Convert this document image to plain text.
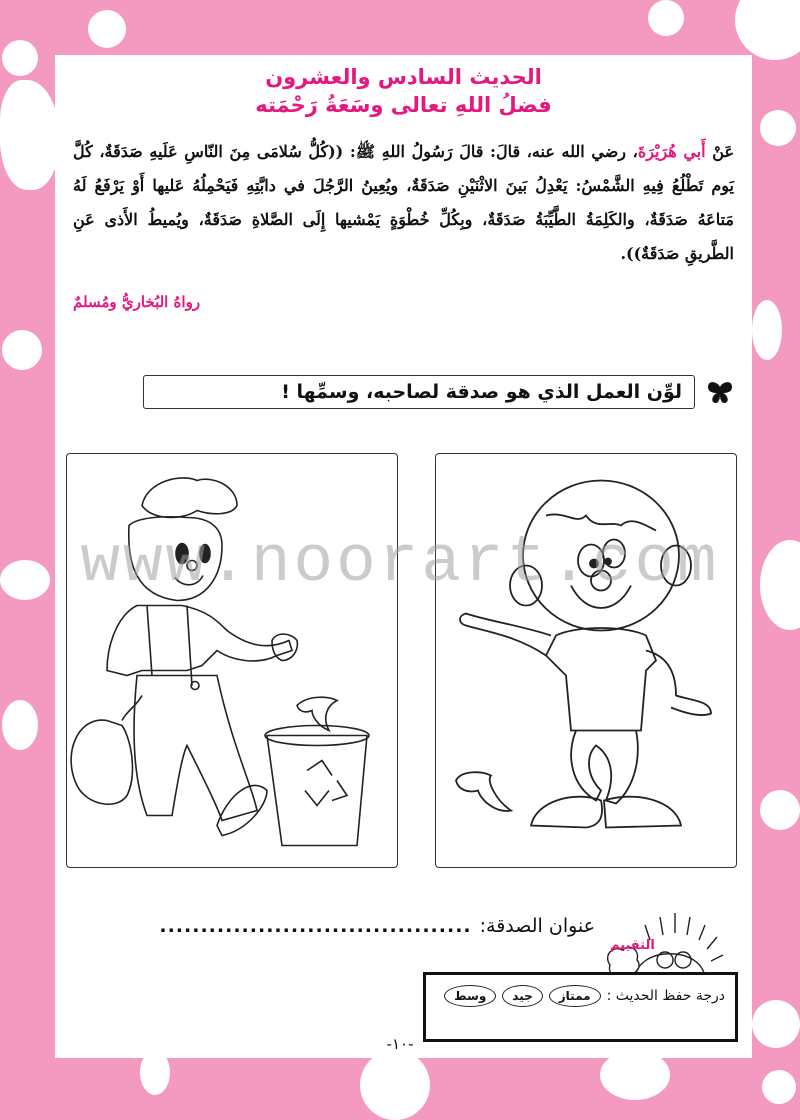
الحديث السادس والعشرون
فضلُ اللهِ تعالى وسَعَةُ رَحْمَته
عَنْ أَبي هُرَيْرَةَ، رضي الله عنه، قالَ: قالَ رَسُولُ اللهِ ﷺ: ((كُلُّ سُلامَى مِنَ النّاسِ عَلَيهِ صَدَقَةٌ، كُلَّ يَوم تَطْلُعُ فِيهِ الشَّمْسُ: يَعْدِلُ بَينَ الاثْنَيْنِ صَدَقَةٌ، ويُعِينُ الرَّجُلَ في دابَّتِهِ فَيَحْمِلُهُ عَليها أَوْ يَرْفَعُ لَهُ مَتاعَهُ صَدَقَةٌ، والكَلِمَةُ الطَّيِّبَةُ صَدَقَةٌ، وبِكُلِّ خُطْوَةٍ يَمْشيها إِلَى الصَّلاةِ صَدَقَةٌ، ويُميطُ الأَذى عَنِ الطَّريقِ صَدَقَةٌ)).
رواهُ البُخاريُّ ومُسلمٌ
لوِّن العمل الذي هو صدقة لصاحبه، وسمِّها !
عنوان الصدقة:
......................................
التقييم
درجة حفظ الحديث :
ممتاز
جيد
وسط
www.noorart.com
-١٠-
